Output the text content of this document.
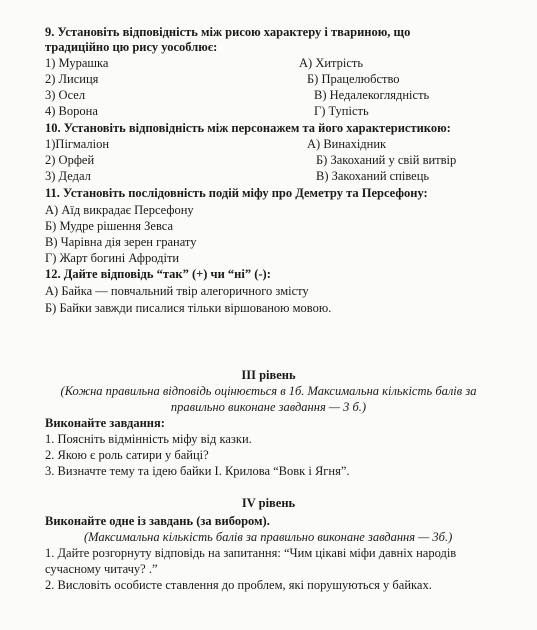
9. Установіть відповідність між рисою характеру і твариною, що
традиційно цю рису уособлює:
1) Мурашка
2) Лисиця
3) Осел
4) Ворона
А) Хитрість
Б) Працелюбство
В) Недалекоглядність
Г) Тупість
10. Установіть відповідність між персонажем та його характеристикою:
1)Пігмаліон
2) Орфей
3) Дедал
А) Винахідник
Б) Закоханий у свій витвір
В) Закоханий співець
11. Установіть послідовність подій міфу про Деметру та Персефону:
А) Аїд викрадає Персефону
Б) Мудре рішення Зевса
В) Чарівна дія зерен гранату
Г) Жарт богині Афродіти
12. Дайте відповідь “так” (+) чи “ні” (-):
А) Байка — повчальний твір алегоричного змісту
Б) Байки завжди писалися тільки віршованою мовою.
ІІІ рівень
(Кожна правильна відповідь оцінюється в 1б. Максимальна кількість балів за
правильно виконане завдання — 3 б.)
Виконайте завдання:
1. Поясніть відмінність міфу від казки.
2. Якою є роль сатири у байці?
3. Визначте тему та ідею байки І. Крилова “Вовк і Ягня”.
ІV рівень
Виконайте одне із завдань (за вибором).
(Максимальна кількість балів за правильно виконане завдання — 3б.)
1. Дайте розгорнуту відповідь на запитання: “Чим цікаві міфи давніх народів
сучасному читачу? .”
2. Висловіть особисте ставлення до проблем, які порушуються у байках.
